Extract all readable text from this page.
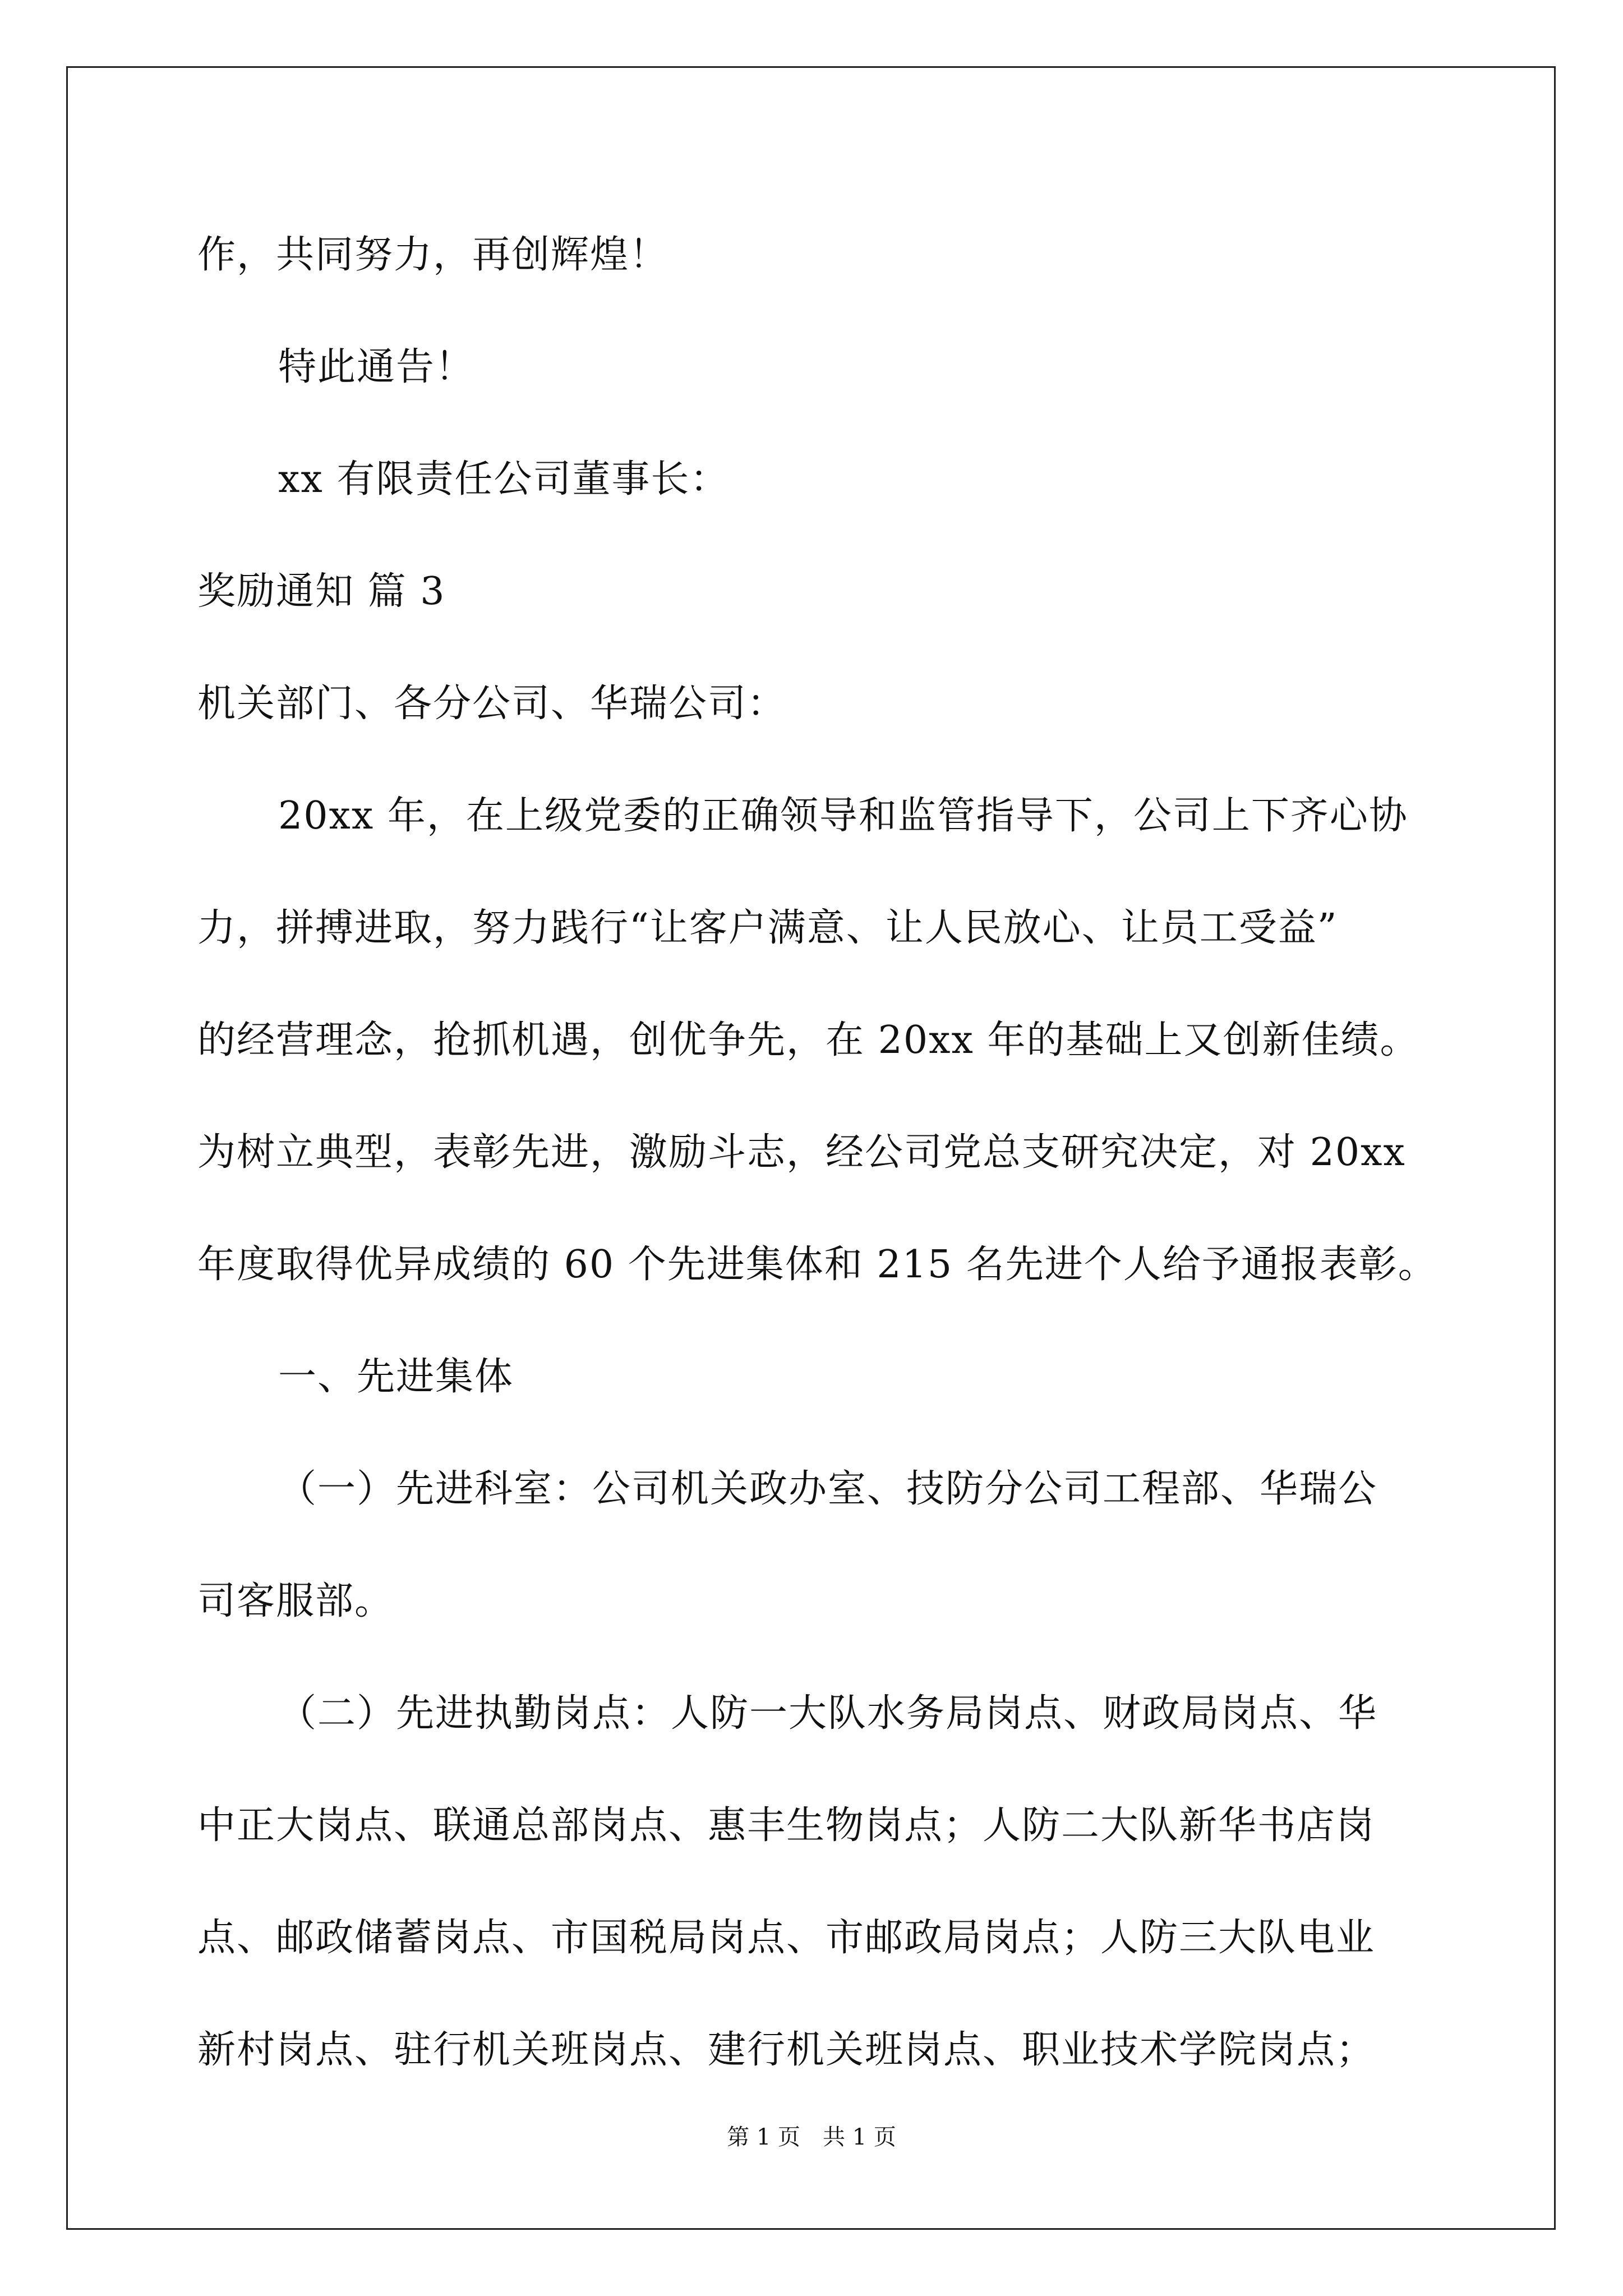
作，共同努力，再创辉煌！
特此通告！
xx 有限责任公司董事长：
奖励通知 篇 3
机关部门、各分公司、华瑞公司：
20xx 年，在上级党委的正确领导和监管指导下，公司上下齐心协
力，拼搏进取，努力践行“让客户满意、让人民放心、让员工受益”
的经营理念，抢抓机遇，创优争先，在 20xx 年的基础上又创新佳绩。
为树立典型，表彰先进，激励斗志，经公司党总支研究决定，对 20xx
年度取得优异成绩的 60 个先进集体和 215 名先进个人给予通报表彰。
一、先进集体
（一）先进科室：公司机关政办室、技防分公司工程部、华瑞公
司客服部。
（二）先进执勤岗点：人防一大队水务局岗点、财政局岗点、华
中正大岗点、联通总部岗点、惠丰生物岗点；人防二大队新华书店岗
点、邮政储蓄岗点、市国税局岗点、市邮政局岗点；人防三大队电业
新村岗点、驻行机关班岗点、建行机关班岗点、职业技术学院岗点；
第 1 页　共 1 页
